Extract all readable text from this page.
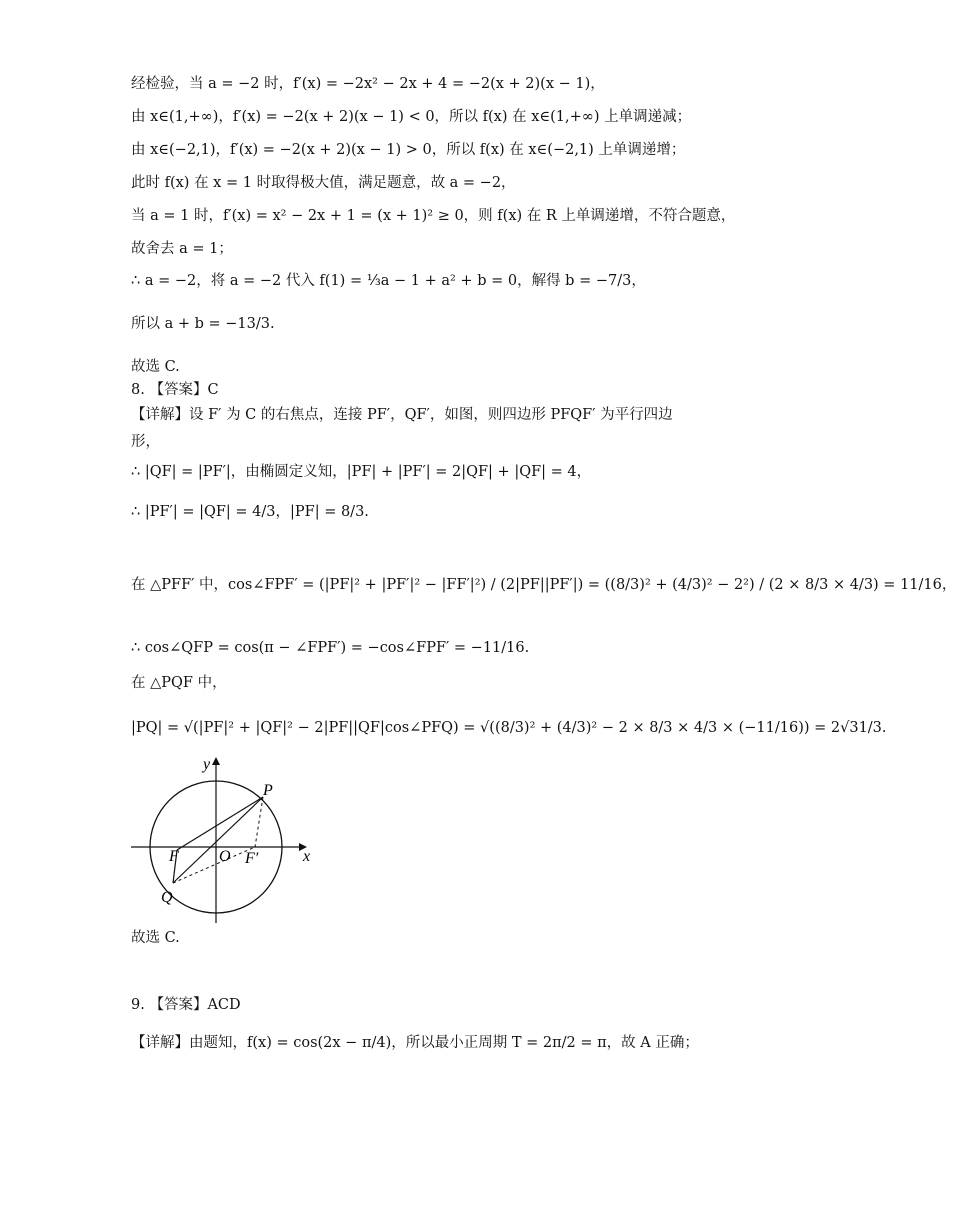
经检验，当 a = −2 时，f′(x) = −2x² − 2x + 4 = −2(x + 2)(x − 1)，
由 x∈(1,+∞)，f′(x) = −2(x + 2)(x − 1) < 0，所以 f(x) 在 x∈(1,+∞) 上单调递减；
由 x∈(−2,1)，f′(x) = −2(x + 2)(x − 1) > 0，所以 f(x) 在 x∈(−2,1) 上单调递增；
此时 f(x) 在 x = 1 时取得极大值，满足题意，故 a = −2，
当 a = 1 时，f′(x) = x² − 2x + 1 = (x + 1)² ≥ 0，则 f(x) 在 R 上单调递增，不符合题意，
故舍去 a = 1；
∴ a = −2，将 a = −2 代入 f(1) = ⅓a − 1 + a² + b = 0，解得 b = −7/3，
所以 a + b = −13/3.
故选 C.
8. 【答案】C
【详解】设 F′ 为 C 的右焦点，连接 PF′，QF′，如图，则四边形 PFQF′ 为平行四边
形，
∴ |QF| = |PF′|，由椭圆定义知，|PF| + |PF′| = 2|QF| + |QF| = 4，
∴ |PF′| = |QF| = 4/3，|PF| = 8/3.
在 △PFF′ 中，cos∠FPF′ = (|PF|² + |PF′|² − |FF′|²) / (2|PF||PF′|) = ((8/3)² + (4/3)² − 2²) / (2 × 8/3 × 4/3) = 11/16，
∴ cos∠QFP = cos(π − ∠FPF′) = −cos∠FPF′ = −11/16.
在 △PQF 中，
|PQ| = √(|PF|² + |QF|² − 2|PF||QF|cos∠PFQ) = √((8/3)² + (4/3)² − 2 × 8/3 × 4/3 × (−11/16)) = 2√31/3.
故选 C.
9. 【答案】ACD
【详解】由题知，f(x) = cos(2x − π/4)，所以最小正周期 T = 2π/2 = π，故 A 正确；
y
x
O
P
Q
F	F′
